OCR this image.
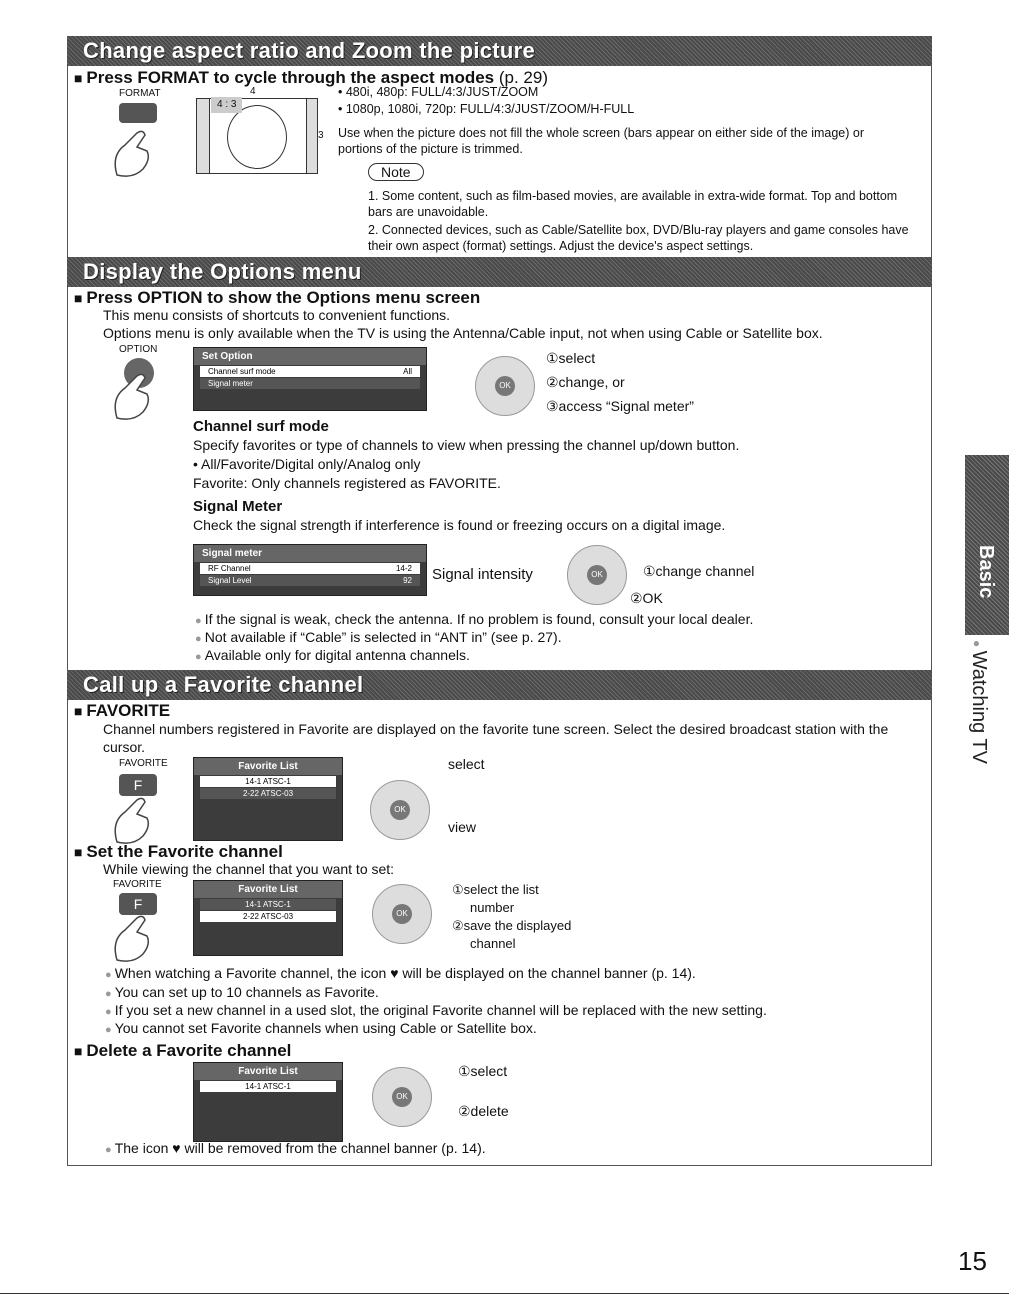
Change aspect ratio and Zoom the picture
■ Press FORMAT to cycle through the aspect modes (p. 29)
FORMAT
4 : 3
4
3
• 480i, 480p: FULL/4:3/JUST/ZOOM
• 1080p, 1080i, 720p: FULL/4:3/JUST/ZOOM/H-FULL
Use when the picture does not fill the whole screen (bars appear on either side of the image) or portions of the picture is trimmed.
Note
1. Some content, such as film-based movies, are available in extra-wide format. Top and bottom bars are unavoidable.
2. Connected devices, such as Cable/Satellite box, DVD/Blu-ray players and game consoles have their own aspect (format) settings. Adjust the device's aspect settings.
Display the Options menu
■ Press OPTION to show the Options menu screen
This menu consists of shortcuts to convenient functions.
Options menu is only available when the TV is using the Antenna/Cable input, not when using Cable or Satellite box.
OPTION
Set Option
Channel surf mode	All
Signal meter	OK
①select
②change, or
③access “Signal meter”
Channel surf mode
Specify favorites or type of channels to view when pressing the channel up/down button.
• All/Favorite/Digital only/Analog only
Favorite: Only channels registered as FAVORITE.
Signal Meter
Check the signal strength if interference is found or freezing occurs on a digital image.
Signal meter
RF Channel	14-2
Signal Level	92 Signal intensity	OK	①change channel
②OK
● If the signal is weak, check the antenna. If no problem is found, consult your local dealer.
● Not available if “Cable” is selected in “ANT in” (see p. 27).
● Available only for digital antenna channels.
Call up a Favorite channel
■ FAVORITE
Channel numbers registered in Favorite are displayed on the favorite tune screen. Select the desired broadcast station with the cursor.
FAVORITE
F
Favorite List
14-1 ATSC-1
2-22 ATSC-03
OK
select
view
■ Set the Favorite channel
While viewing the channel that you want to set:
FAVORITE
F
Favorite List
14-1 ATSC-1
2-22 ATSC-03	OK
①select the list
number
②save the displayed
channel
● When watching a Favorite channel, the icon ♥ will be displayed on the channel banner (p. 14).
● You can set up to 10 channels as Favorite.
● If you set a new channel in a used slot, the original Favorite channel will be replaced with the new setting.
● You cannot set Favorite channels when using Cable or Satellite box.
■ Delete a Favorite channel
Favorite List
14-1 ATSC-1
OK
①select
②delete
● The icon ♥ will be removed from the channel banner (p. 14).
Basic
● Watching TV
15
